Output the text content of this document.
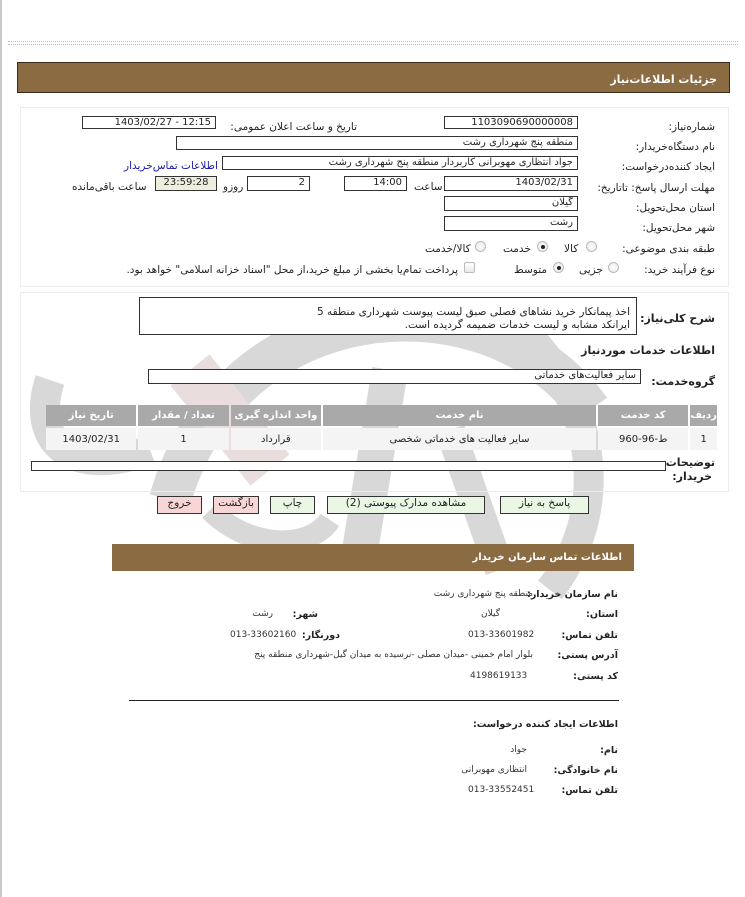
جزئیات اطلاعات‌نیاز
شماره‌نیاز:
1103090690000008
تاریخ و ساعت اعلان عمومی:
1403/02/27 - 12:15
نام دستگاه‌خریدار:
منطقه پنج شهرداری رشت
ایجاد کننده‌درخواست:
جواد انتظاری مهوبرانی کاربردار منطقه پنج شهرداری رشت
اطلاعات تماس‌خریدار
مهلت ارسال پاسخ: تاتاریخ:
1403/02/31
ساعت
14:00
2
روزو
23:59:28
ساعت باقی‌مانده
استان محل‌تحویل:
گیلان
شهر محل‌تحویل:
رشت
طبقه بندی موضوعی:
کالا
خدمت
کالا/خدمت
نوع فرآیند خرید:
جزیی
متوسط
پرداخت تمام‌یا بخشی از مبلغ خرید،از محل "اسناد خزانه اسلامی" خواهد بود.
شرح کلی‌نیاز:
اخذ پیمانکار خرید نشاهای فصلی صبق لیست پیوست شهرداری منطقه 5
ایرانکد مشابه و لیست خدمات ضمیمه گردیده است.
اطلاعات خدمات موردنیاز
گروه‌خدمت:
سایر فعالیت‌های خدماتی
ردیف	کد خدمت	نام خدمت	واحد اندازه گیری	تعداد / مقدار	تاریخ نیاز
1	ط-96-960	سایر فعالیت های خدماتی شخصی	قرارداد	1	1403/02/31
توضیحات
خریدار:
پاسخ به نیاز
مشاهده مدارک پیوستی (2)
چاپ
بازگشت
خروج
اطلاعات تماس سازمان خریدار
نام سازمان خریدار:
منطقه پنج شهرداری رشت
استان:
گیلان
شهر:
رشت
تلفن تماس:
013-33601982
دورنگار:
013-33602160
آدرس پستی:
بلوار امام خمینی -میدان مصلی -نرسیده به میدان گیل-شهرداری منطقه پنج
کد پستی:
4198619133
اطلاعات ایجاد کننده درخواست:
نام:
جواد
نام خانوادگی:
انتظاری مهوبرانی
تلفن تماس:
013-33552451
